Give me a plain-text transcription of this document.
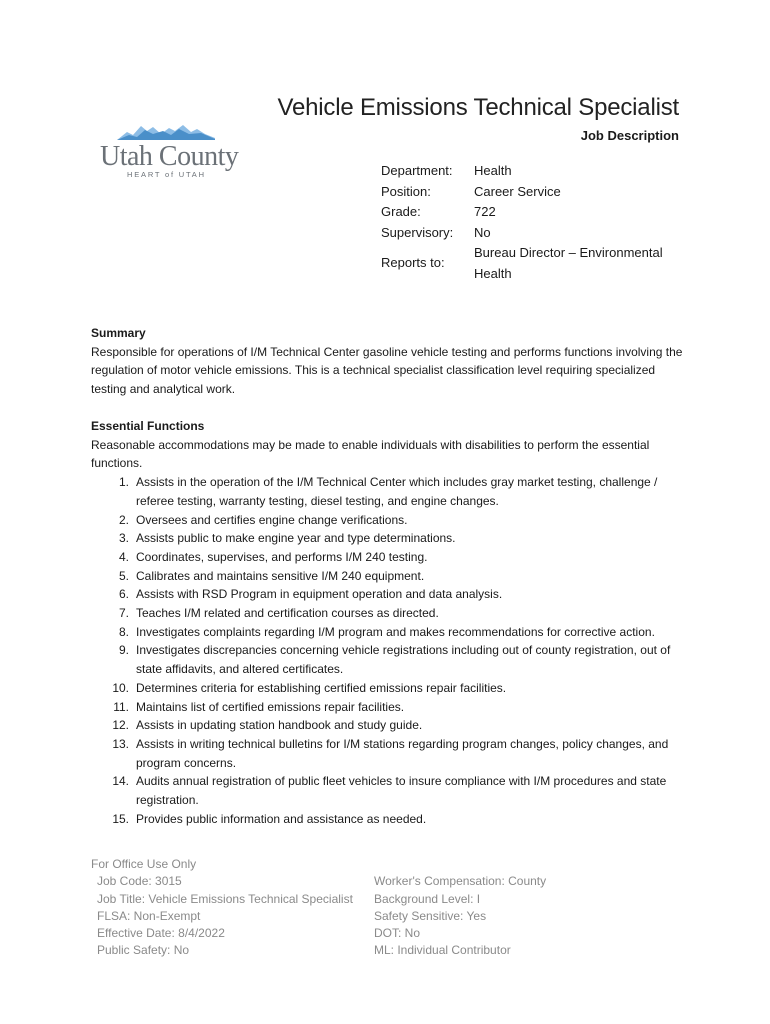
Utah County
HEART of UTAH
Vehicle Emissions Technical Specialist
Job Description
Department:	Health
Position:	Career Service
Grade:	722
Supervisory:	No
Reports to:
Bureau Director – Environmental Health
Summary

Responsible for operations of I/M Technical Center gasoline vehicle testing and performs functions involving the regulation of motor vehicle emissions. This is a technical specialist classification level requiring specialized testing and analytical work.

Essential Functions

Reasonable accommodations may be made to enable individuals with disabilities to perform the essential functions.

1. Assists in the operation of the I/M Technical Center which includes gray market testing, challenge / referee testing, warranty testing, diesel testing, and engine changes.
2. Oversees and certifies engine change verifications.
3. Assists public to make engine year and type determinations.
4. Coordinates, supervises, and performs I/M 240 testing.
5. Calibrates and maintains sensitive I/M 240 equipment.
6. Assists with RSD Program in equipment operation and data analysis.
7. Teaches I/M related and certification courses as directed.
8. Investigates complaints regarding I/M program and makes recommendations for corrective action.
9. Investigates discrepancies concerning vehicle registrations including out of county registration, out of state affidavits, and altered certificates.
10. Determines criteria for establishing certified emissions repair facilities.
11. Maintains list of certified emissions repair facilities.
12. Assists in updating station handbook and study guide.
13. Assists in writing technical bulletins for I/M stations regarding program changes, policy changes, and program concerns.
14. Audits annual registration of public fleet vehicles to insure compliance with I/M procedures and state registration.
15. Provides public information and assistance as needed.
For Office Use Only
Job Code: 3015
Job Title: Vehicle Emissions Technical Specialist
FLSA: Non-Exempt
Effective Date: 8/4/2022
Public Safety: No
Worker's Compensation: County
Background Level: I
Safety Sensitive: Yes
DOT: No
ML: Individual Contributor
